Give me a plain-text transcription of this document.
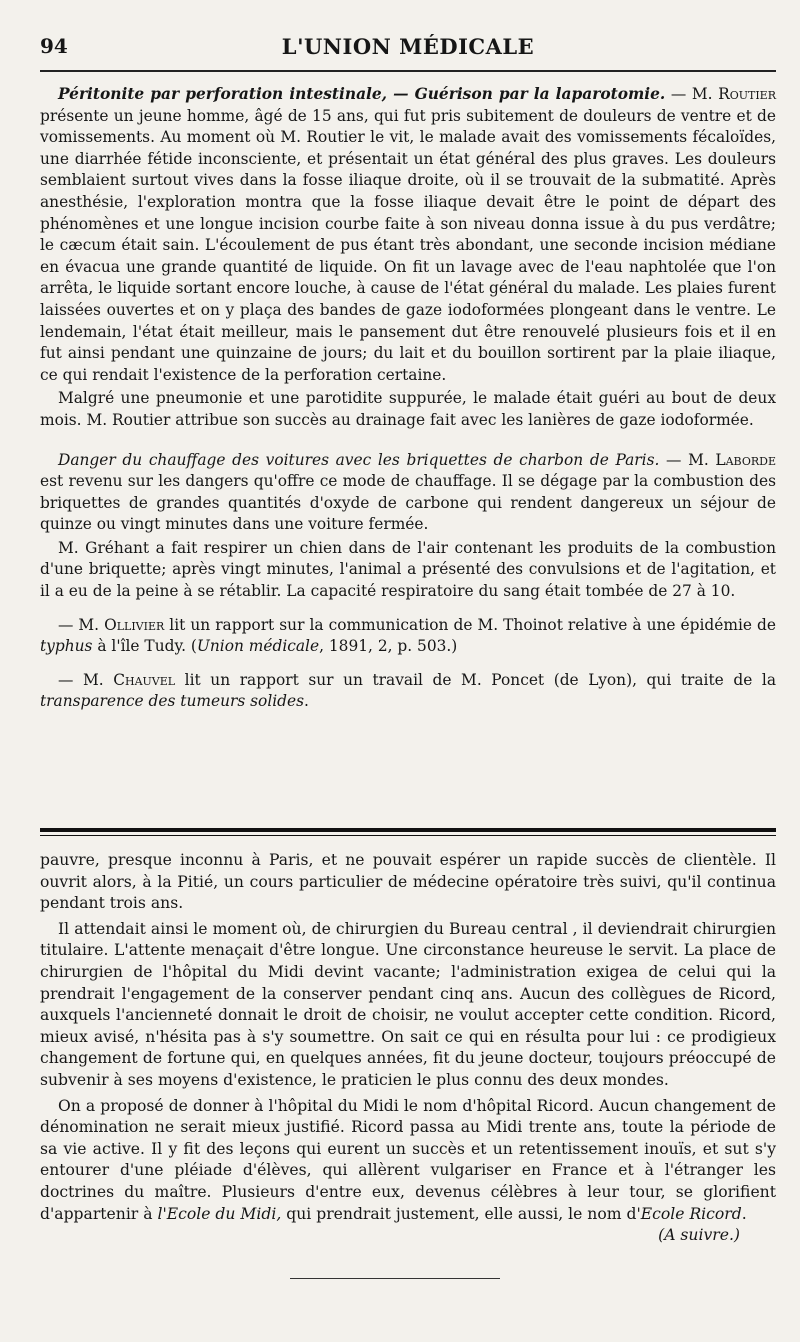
94	L'UNION MÉDICALE

Péritonite par perforation intestinale, — Guérison par la laparotomie. — M. Routier présente un jeune homme, âgé de 15 ans, qui fut pris subitement de douleurs de ventre et de vomissements. Au moment où M. Routier le vit, le malade avait des vomissements fécaloïdes, une diarrhée fétide inconsciente, et présentait un état général des plus graves. Les douleurs semblaient surtout vives dans la fosse iliaque droite, où il se trouvait de la submatité. Après anesthésie, l'exploration montra que la fosse iliaque devait être le point de départ des phénomènes et une longue incision courbe faite à son niveau donna issue à du pus verdâtre; le cæcum était sain. L'écoulement de pus étant très abondant, une seconde incision médiane en évacua une grande quantité de liquide. On fit un lavage avec de l'eau naphtolée que l'on arrêta, le liquide sortant encore louche, à cause de l'état général du malade. Les plaies furent laissées ouvertes et on y plaça des bandes de gaze iodoformées plongeant dans le ventre. Le lendemain, l'état était meilleur, mais le pansement dut être renouvelé plusieurs fois et il en fut ainsi pendant une quinzaine de jours; du lait et du bouillon sortirent par la plaie iliaque, ce qui rendait l'existence de la perforation certaine.

Malgré une pneumonie et une parotidite suppurée, le malade était guéri au bout de deux mois. M. Routier attribue son succès au drainage fait avec les lanières de gaze iodoformée.

Danger du chauffage des voitures avec les briquettes de charbon de Paris. — M. Laborde est revenu sur les dangers qu'offre ce mode de chauffage. Il se dégage par la combustion des briquettes de grandes quantités d'oxyde de carbone qui rendent dangereux un séjour de quinze ou vingt minutes dans une voiture fermée.

M. Gréhant a fait respirer un chien dans de l'air contenant les produits de la combustion d'une briquette; après vingt minutes, l'animal a présenté des convulsions et de l'agitation, et il a eu de la peine à se rétablir. La capacité respiratoire du sang était tombée de 27 à 10.

— M. Ollivier lit un rapport sur la communication de M. Thoinot relative à une épidémie de typhus à l'île Tudy. (Union médicale, 1891, 2, p. 503.)

— M. Chauvel lit un rapport sur un travail de M. Poncet (de Lyon), qui traite de la transparence des tumeurs solides.

pauvre, presque inconnu à Paris, et ne pouvait espérer un rapide succès de clientèle. Il ouvrit alors, à la Pitié, un cours particulier de médecine opératoire très suivi, qu'il continua pendant trois ans.

Il attendait ainsi le moment où, de chirurgien du Bureau central , il deviendrait chirurgien titulaire. L'attente menaçait d'être longue. Une circonstance heureuse le servit. La place de chirurgien de l'hôpital du Midi devint vacante; l'administration exigea de celui qui la prendrait l'engagement de la conserver pendant cinq ans. Aucun des collègues de Ricord, auxquels l'ancienneté donnait le droit de choisir, ne voulut accepter cette condition. Ricord, mieux avisé, n'hésita pas à s'y soumettre. On sait ce qui en résulta pour lui : ce prodigieux changement de fortune qui, en quelques années, fit du jeune docteur, toujours préoccupé de subvenir à ses moyens d'existence, le praticien le plus connu des deux mondes.

On a proposé de donner à l'hôpital du Midi le nom d'hôpital Ricord. Aucun changement de dénomination ne serait mieux justifié. Ricord passa au Midi trente ans, toute la période de sa vie active. Il y fit des leçons qui eurent un succès et un retentissement inouïs, et sut s'y entourer d'une pléiade d'élèves, qui allèrent vulgariser en France et à l'étranger les doctrines du maître. Plusieurs d'entre eux, devenus célèbres à leur tour, se glorifient d'appartenir à l'Ecole du Midi, qui prendrait justement, elle aussi, le nom d'Ecole Ricord.
(A suivre.)
